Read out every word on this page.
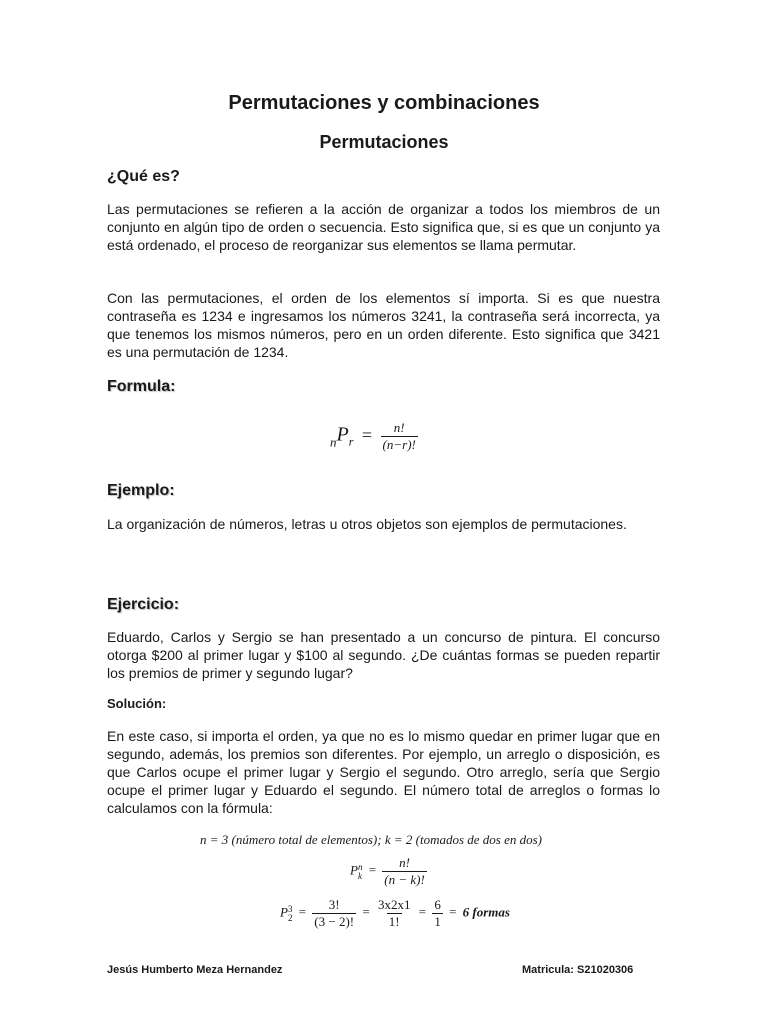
Permutaciones y combinaciones
Permutaciones
¿Qué es?
Las permutaciones se refieren a la acción de organizar a todos los miembros de un conjunto en algún tipo de orden o secuencia. Esto significa que, si es que un conjunto ya está ordenado, el proceso de reorganizar sus elementos se llama permutar.
Con las permutaciones, el orden de los elementos sí importa. Si es que nuestra contraseña es 1234 e ingresamos los números 3241, la contraseña será incorrecta, ya que tenemos los mismos números, pero en un orden diferente. Esto significa que 3421 es una permutación de 1234.
Formula:
$_nP_r = \frac{n!}{(n-r)!}$
Ejemplo:
La organización de números, letras u otros objetos son ejemplos de permutaciones.
Ejercicio:
Eduardo, Carlos y Sergio se han presentado a un concurso de pintura. El concurso otorga $200 al primer lugar y $100 al segundo. ¿De cuántas formas se pueden repartir los premios de primer y segundo lugar?
Solución:
En este caso, si importa el orden, ya que no es lo mismo quedar en primer lugar que en segundo, además, los premios son diferentes. Por ejemplo, un arreglo o disposición, es que Carlos ocupe el primer lugar y Sergio el segundo. Otro arreglo, sería que Sergio ocupe el primer lugar y Eduardo el segundo. El número total de arreglos o formas lo calculamos con la fórmula:
n = 3 (número total de elementos); k = 2 (tomados de dos en dos)
P n
$k = \frac{n!}{(n - k)!}$
P 3
$2 = \frac{3!}{(3 - 2)!} = \frac{3x2x1}{1!} = \frac{6}{1} = 6$ formas
Jesús Humberto Meza Hernandez	Matricula: S21020306
